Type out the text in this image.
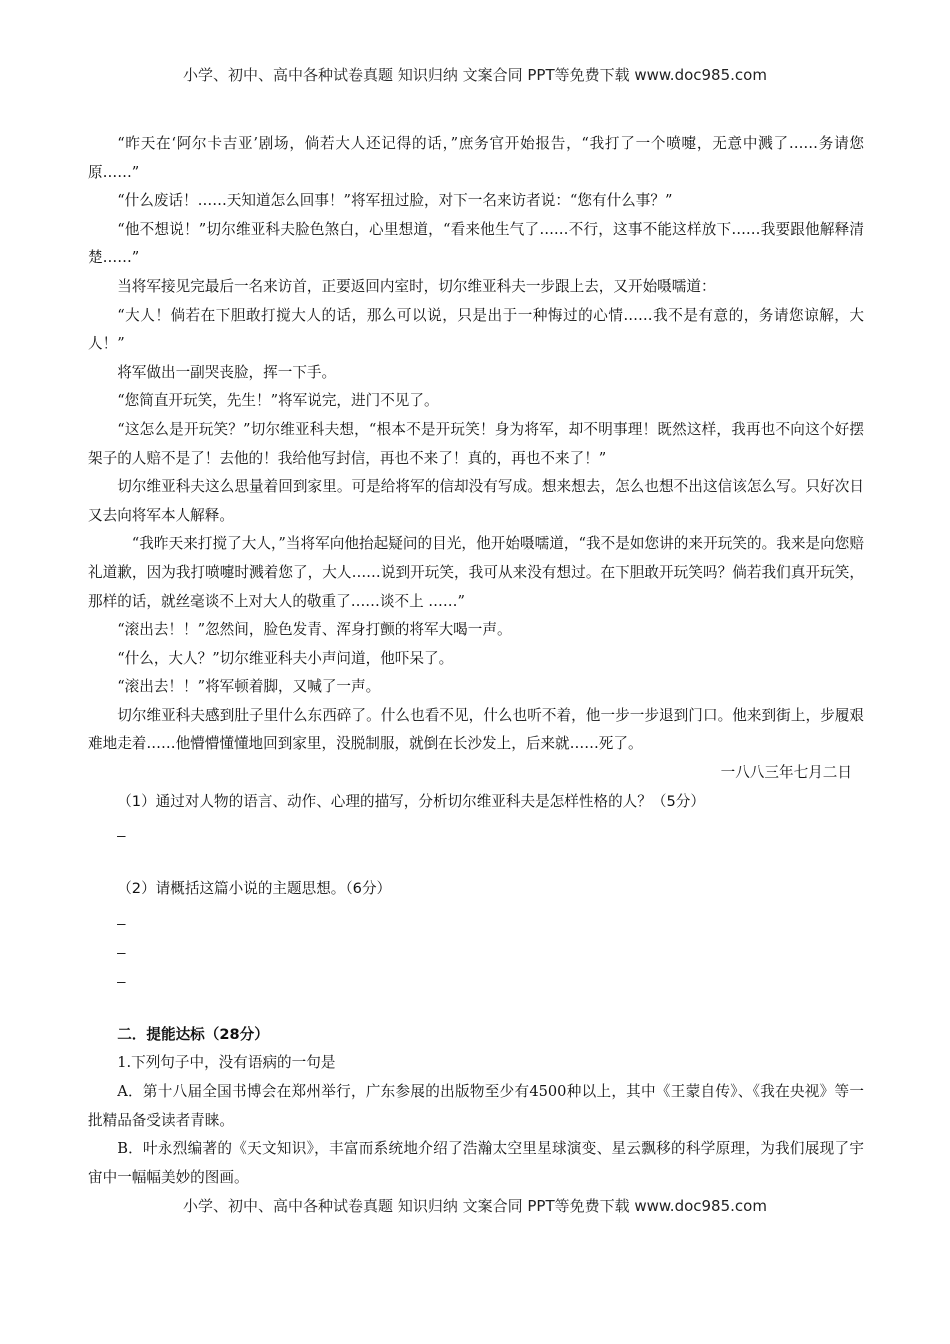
小学、初中、高中各种试卷真题 知识归纳 文案合同 PPT等免费下载 www.doc985.com

“昨天在‘阿尔卡吉亚’剧场，倘若大人还记得的话，”庶务官开始报告，“我打了一个喷嚏，无意中溅了……务请您原……”

“什么废话！……天知道怎么回事！”将军扭过脸，对下一名来访者说：“您有什么事？”

“他不想说！”切尔维亚科夫脸色煞白，心里想道，“看来他生气了……不行，这事不能这样放下……我要跟他解释清楚……”

当将军接见完最后一名来访首，正要返回内室时，切尔维亚科夫一步跟上去，又开始嗫嚅道：

“大人！倘若在下胆敢打搅大人的话，那么可以说，只是出于一种悔过的心情……我不是有意的，务请您谅解，大人！”

将军做出一副哭丧脸，挥一下手。

“您简直开玩笑，先生！”将军说完，进门不见了。

“这怎么是开玩笑？”切尔维亚科夫想，“根本不是开玩笑！身为将军，却不明事理！既然这样，我再也不向这个好摆架子的人赔不是了！去他的！我给他写封信，再也不来了！真的，再也不来了！”

切尔维亚科夫这么思量着回到家里。可是给将军的信却没有写成。想来想去，怎么也想不出这信该怎么写。只好次日又去向将军本人解释。

“我昨天来打搅了大人，”当将军向他抬起疑问的目光，他开始嗫嚅道，“我不是如您讲的来开玩笑的。我来是向您赔礼道歉，因为我打喷嚏时溅着您了，大人……说到开玩笑，我可从来没有想过。在下胆敢开玩笑吗？倘若我们真开玩笑，那样的话，就丝毫谈不上对大人的敬重了……谈不上 ……”

“滚出去！！”忽然间，脸色发青、浑身打颤的将军大喝一声。

“什么，大人？”切尔维亚科夫小声问道，他吓呆了。

“滚出去！！”将军顿着脚，又喊了一声。

切尔维亚科夫感到肚子里什么东西碎了。什么也看不见，什么也听不着，他一步一步退到门口。他来到街上，步履艰难地走着……他懵懵懂懂地回到家里，没脱制服，就倒在长沙发上，后来就……死了。

一八八三年七月二日

（1）通过对人物的语言、动作、心理的描写，分析切尔维亚科夫是怎样性格的人？（5分）

_

（2）请概括这篇小说的主题思想。（6分）

_

_

_

二．提能达标（28分）

1.下列句子中，没有语病的一句是

A．第十八届全国书博会在郑州举行，广东参展的出版物至少有4500种以上，其中《王蒙自传》、《我在央视》等一批精品备受读者青睐。

B．叶永烈编著的《天文知识》，丰富而系统地介绍了浩瀚太空里星球演变、星云飘移的科学原理，为我们展现了宇宙中一幅幅美妙的图画。

小学、初中、高中各种试卷真题 知识归纳 文案合同 PPT等免费下载 www.doc985.com
